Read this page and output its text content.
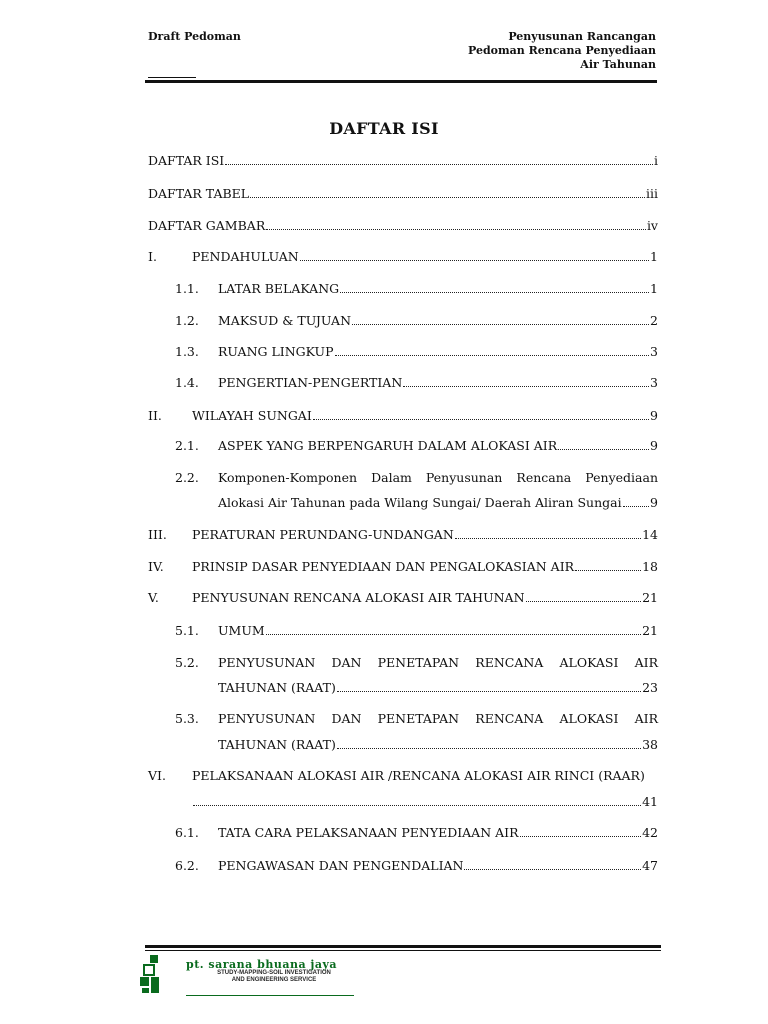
Draft Pedoman	Penyusunan Rancangan
Pedoman Rencana Penyediaan
Air Tahunan
DAFTAR ISI
DAFTAR ISI	i
DAFTAR TABEL	iii
DAFTAR GAMBAR	iv
I.	PENDAHULUAN	1
1.1. LATAR BELAKANG	1
1.2. MAKSUD & TUJUAN	2
1.3. RUANG LINGKUP	3
1.4. PENGERTIAN-PENGERTIAN	3
II. WILAYAH SUNGAI	9
2.1. ASPEK YANG BERPENGARUH DALAM ALOKASI AIR	9
2.2. Komponen-Komponen Dalam Penyusunan Rencana Penyediaan
Alokasi Air Tahunan pada Wilang Sungai/ Daerah Aliran Sungai 9
III. PERATURAN PERUNDANG-UNDANGAN	14
IV. PRINSIP DASAR PENYEDIAAN DAN PENGALOKASIAN AIR	18
V.	PENYUSUNAN RENCANA ALOKASI AIR TAHUNAN	21
5.1. UMUM	21
5.2. PENYUSUNAN DAN PENETAPAN RENCANA ALOKASI AIR
TAHUNAN (RAAT)	23
5.3. PENYUSUNAN DAN PENETAPAN RENCANA ALOKASI AIR
TAHUNAN (RAAT)	38
VI. PELAKSANAAN ALOKASI AIR /RENCANA ALOKASI AIR RINCI (RAAR)
41
6.1. TATA CARA PELAKSANAAN PENYEDIAAN AIR	42
6.2. PENGAWASAN DAN PENGENDALIAN	47
pt. sarana bhuana jaya
STUDY-MAPPING-SOIL INVESTIGATION
AND ENGINEERING SERVICE
